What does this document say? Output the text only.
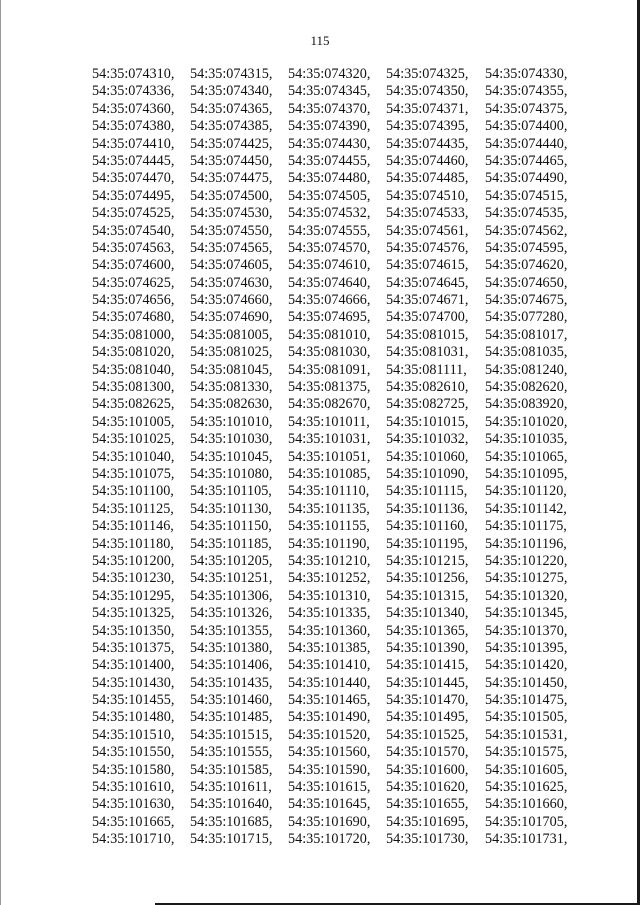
115
54:35:074310,	54:35:074315,	54:35:074320,	54:35:074325,	54:35:074330,
54:35:074336,	54:35:074340,	54:35:074345,	54:35:074350,	54:35:074355,
54:35:074360,	54:35:074365,	54:35:074370,	54:35:074371,	54:35:074375,
54:35:074380,	54:35:074385,	54:35:074390,	54:35:074395,	54:35:074400,
54:35:074410,	54:35:074425,	54:35:074430,	54:35:074435,	54:35:074440,
54:35:074445,	54:35:074450,	54:35:074455,	54:35:074460,	54:35:074465,
54:35:074470,	54:35:074475,	54:35:074480,	54:35:074485,	54:35:074490,
54:35:074495,	54:35:074500,	54:35:074505,	54:35:074510,	54:35:074515,
54:35:074525,	54:35:074530,	54:35:074532,	54:35:074533,	54:35:074535,
54:35:074540,	54:35:074550,	54:35:074555,	54:35:074561,	54:35:074562,
54:35:074563,	54:35:074565,	54:35:074570,	54:35:074576,	54:35:074595,
54:35:074600,	54:35:074605,	54:35:074610,	54:35:074615,	54:35:074620,
54:35:074625,	54:35:074630,	54:35:074640,	54:35:074645,	54:35:074650,
54:35:074656,	54:35:074660,	54:35:074666,	54:35:074671,	54:35:074675,
54:35:074680,	54:35:074690,	54:35:074695,	54:35:074700,	54:35:077280,
54:35:081000,	54:35:081005,	54:35:081010,	54:35:081015,	54:35:081017,
54:35:081020,	54:35:081025,	54:35:081030,	54:35:081031,	54:35:081035,
54:35:081040,	54:35:081045,	54:35:081091,	54:35:081111,	54:35:081240,
54:35:081300,	54:35:081330,	54:35:081375,	54:35:082610,	54:35:082620,
54:35:082625,	54:35:082630,	54:35:082670,	54:35:082725,	54:35:083920,
54:35:101005,	54:35:101010,	54:35:101011,	54:35:101015,	54:35:101020,
54:35:101025,	54:35:101030,	54:35:101031,	54:35:101032,	54:35:101035,
54:35:101040,	54:35:101045,	54:35:101051,	54:35:101060,	54:35:101065,
54:35:101075,	54:35:101080,	54:35:101085,	54:35:101090,	54:35:101095,
54:35:101100,	54:35:101105,	54:35:101110,	54:35:101115,	54:35:101120,
54:35:101125,	54:35:101130,	54:35:101135,	54:35:101136,	54:35:101142,
54:35:101146,	54:35:101150,	54:35:101155,	54:35:101160,	54:35:101175,
54:35:101180,	54:35:101185,	54:35:101190,	54:35:101195,	54:35:101196,
54:35:101200,	54:35:101205,	54:35:101210,	54:35:101215,	54:35:101220,
54:35:101230,	54:35:101251,	54:35:101252,	54:35:101256,	54:35:101275,
54:35:101295,	54:35:101306,	54:35:101310,	54:35:101315,	54:35:101320,
54:35:101325,	54:35:101326,	54:35:101335,	54:35:101340,	54:35:101345,
54:35:101350,	54:35:101355,	54:35:101360,	54:35:101365,	54:35:101370,
54:35:101375,	54:35:101380,	54:35:101385,	54:35:101390,	54:35:101395,
54:35:101400,	54:35:101406,	54:35:101410,	54:35:101415,	54:35:101420,
54:35:101430,	54:35:101435,	54:35:101440,	54:35:101445,	54:35:101450,
54:35:101455,	54:35:101460,	54:35:101465,	54:35:101470,	54:35:101475,
54:35:101480,	54:35:101485,	54:35:101490,	54:35:101495,	54:35:101505,
54:35:101510,	54:35:101515,	54:35:101520,	54:35:101525,	54:35:101531,
54:35:101550,	54:35:101555,	54:35:101560,	54:35:101570,	54:35:101575,
54:35:101580,	54:35:101585,	54:35:101590,	54:35:101600,	54:35:101605,
54:35:101610,	54:35:101611,	54:35:101615,	54:35:101620,	54:35:101625,
54:35:101630,	54:35:101640,	54:35:101645,	54:35:101655,	54:35:101660,
54:35:101665,	54:35:101685,	54:35:101690,	54:35:101695,	54:35:101705,
54:35:101710,	54:35:101715,	54:35:101720,	54:35:101730,	54:35:101731,
